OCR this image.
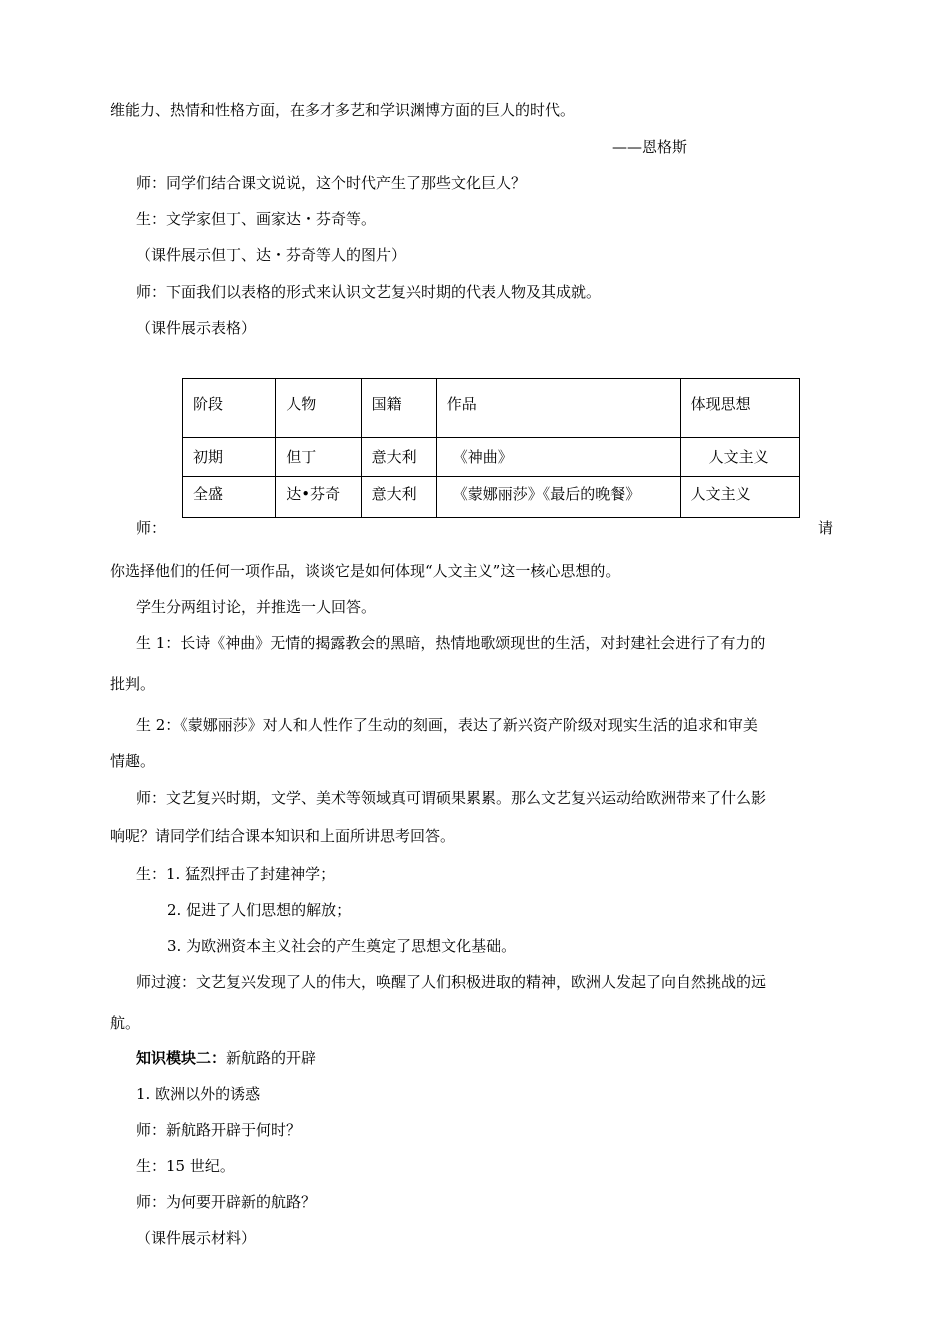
维能力、热情和性格方面，在多才多艺和学识渊博方面的巨人的时代。
——恩格斯
师：同学们结合课文说说，这个时代产生了那些文化巨人？
生：文学家但丁、画家达・芬奇等。
（课件展示但丁、达・芬奇等人的图片）
师：下面我们以表格的形式来认识文艺复兴时期的代表人物及其成就。
（课件展示表格）
阶段	人物	国籍	作品	体现思想
初期	但丁	意大利	《神曲》	人文主义
全盛	达•芬奇	意大利	《蒙娜丽莎》《最后的晚餐》	人文主义
师：	请
你选择他们的任何一项作品，谈谈它是如何体现“人文主义”这一核心思想的。
学生分两组讨论，并推选一人回答。
生 1：长诗《神曲》无情的揭露教会的黑暗，热情地歌颂现世的生活，对封建社会进行了有力的
批判。
生 2：《蒙娜丽莎》对人和人性作了生动的刻画，表达了新兴资产阶级对现实生活的追求和审美
情趣。
师：文艺复兴时期，文学、美术等领域真可谓硕果累累。那么文艺复兴运动给欧洲带来了什么影
响呢？请同学们结合课本知识和上面所讲思考回答。
生：1. 猛烈抨击了封建神学；
2. 促进了人们思想的解放；
3. 为欧洲资本主义社会的产生奠定了思想文化基础。
师过渡：文艺复兴发现了人的伟大，唤醒了人们积极进取的精神，欧洲人发起了向自然挑战的远
航。
知识模块二：新航路的开辟
1. 欧洲以外的诱惑
师：新航路开辟于何时？
生：15 世纪。
师：为何要开辟新的航路？
（课件展示材料）
